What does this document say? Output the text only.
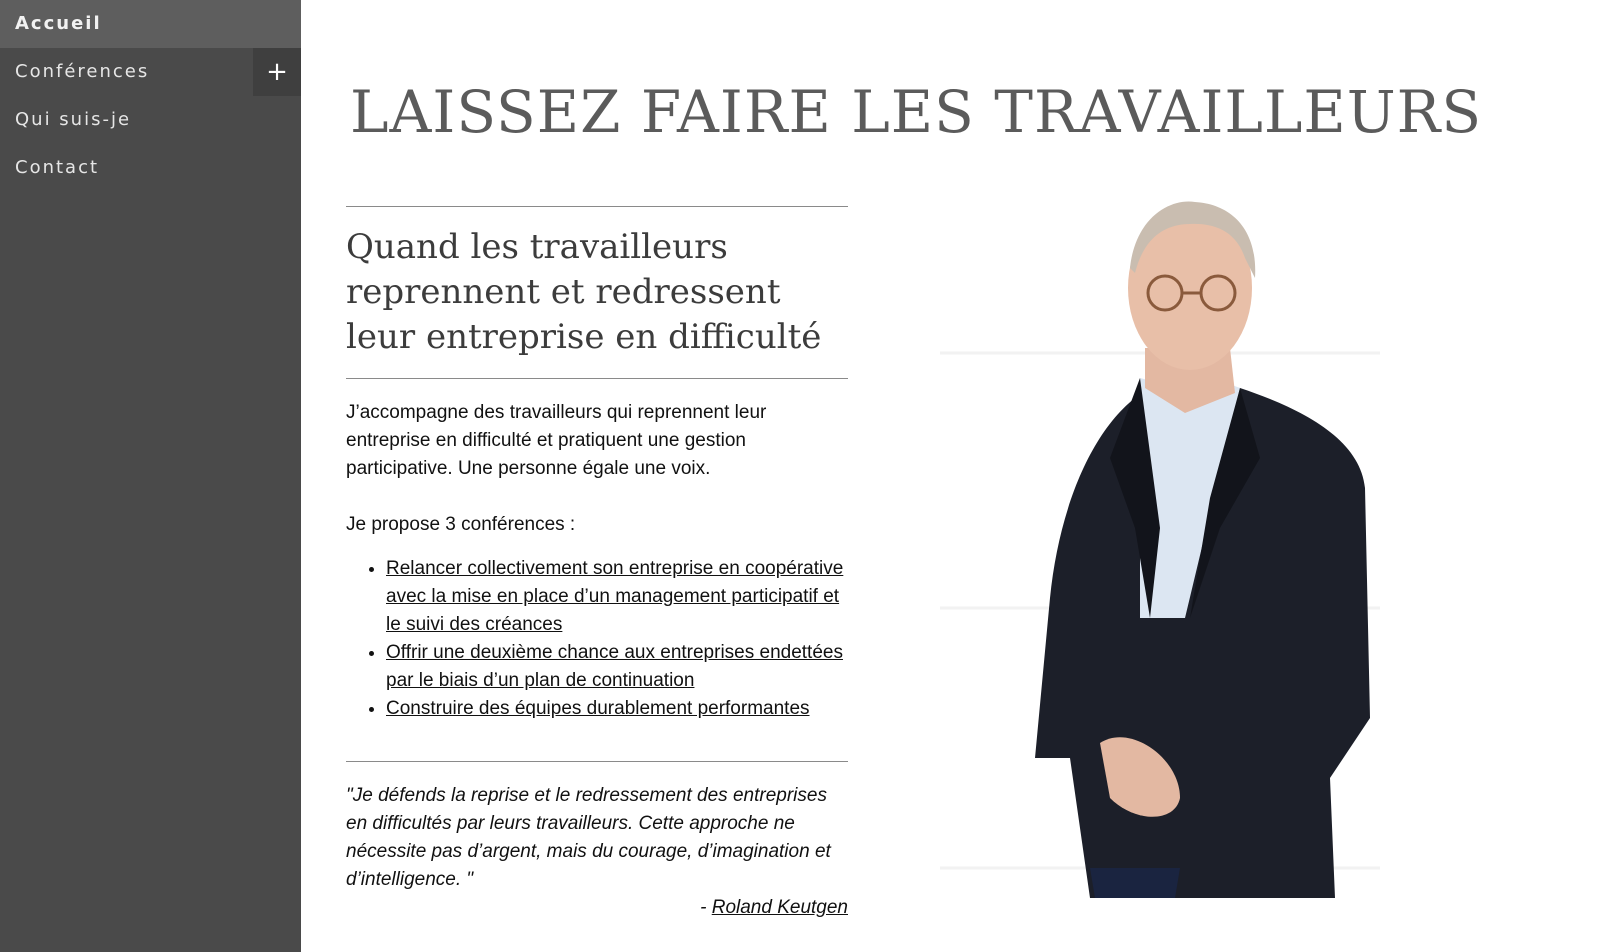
Accueil
Conférences	+
Qui suis-je
Contact
LAISSEZ FAIRE LES TRAVAILLEURS
Quand les travailleurs reprennent et redressent leur entreprise en difficulté

J’accompagne des travailleurs qui reprennent leur entreprise en difficulté et pratiquent une gestion participative. Une personne égale une voix.

Je propose 3 conférences :

• Relancer collectivement son entreprise en coopérative avec la mise en place d’un management participatif et le suivi des créances
• Offrir une deuxième chance aux entreprises endettées par le biais d’un plan de continuation
• Construire des équipes durablement performantes

"Je défends la reprise et le redressement des entreprises en difficultés par leurs travailleurs. Cette approche ne nécessite pas d’argent, mais du courage, d’imagination et d’intelligence. "

- Roland Keutgen
